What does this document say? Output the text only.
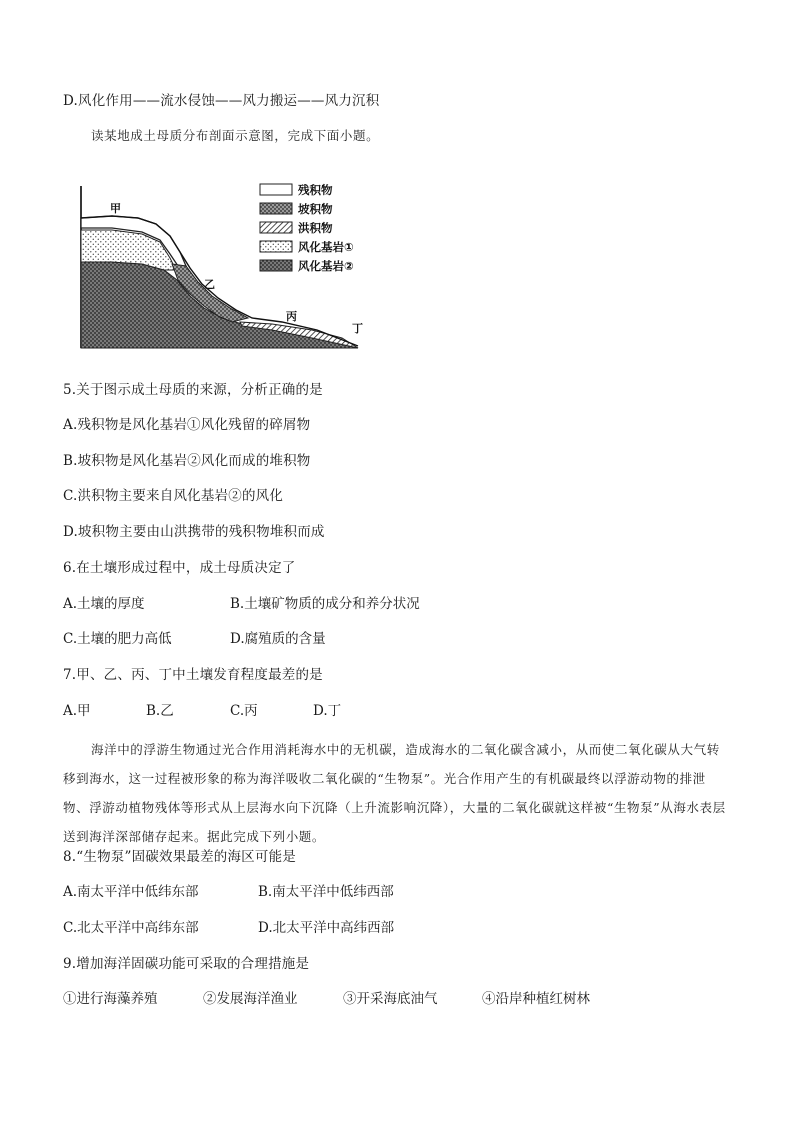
D.风化作用——流水侵蚀——风力搬运——风力沉积
读某地成土母质分布剖面示意图，完成下面小题。
甲
乙
丙
丁
残积物
坡积物
洪积物
风化基岩①
风化基岩②
5.关于图示成土母质的来源，分析正确的是
A.残积物是风化基岩①风化残留的碎屑物
B.坡积物是风化基岩②风化而成的堆积物
C.洪积物主要来自风化基岩②的风化
D.坡积物主要由山洪携带的残积物堆积而成
6.在土壤形成过程中，成土母质决定了
A.土壤的厚度	B.土壤矿物质的成分和养分状况
C.土壤的肥力高低	D.腐殖质的含量
7.甲、乙、丙、丁中土壤发育程度最差的是
A.甲	B.乙	C.丙	D.丁
海洋中的浮游生物通过光合作用消耗海水中的无机碳，造成海水的二氧化碳含减小，从而使二氧化碳从大气转移到海水，这一过程被形象的称为海洋吸收二氧化碳的“生物泵”。光合作用产生的有机碳最终以浮游动物的排泄物、浮游动植物残体等形式从上层海水向下沉降（上升流影响沉降），大量的二氧化碳就这样被“生物泵”从海水表层送到海洋深部储存起来。据此完成下列小题。
8.“生物泵”固碳效果最差的海区可能是
A.南太平洋中低纬东部	B.南太平洋中低纬西部
C.北太平洋中高纬东部	D.北太平洋中高纬西部
9.增加海洋固碳功能可采取的合理措施是
①进行海藻养殖	②发展海洋渔业	③开采海底油气	④沿岸种植红树林
